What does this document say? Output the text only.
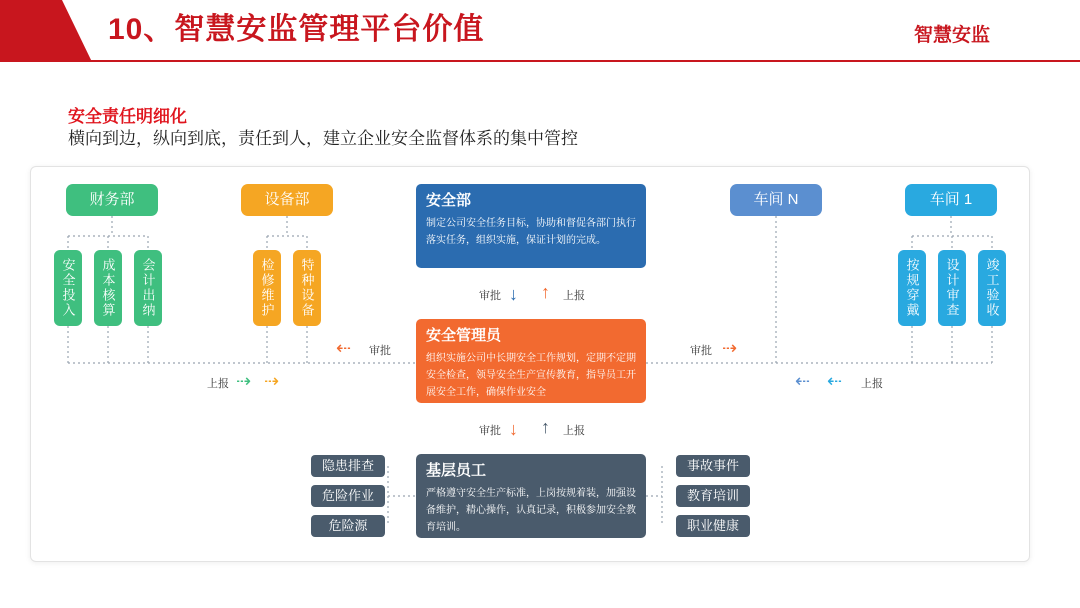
10、智慧安监管理平台价值	智慧安监
安全责任明细化
横向到边，纵向到底，责任到人，建立企业安全监督体系的集中管控
财务部	设备部	车间 N	车间 1
安全投入	成本核算	会计出纳	检修维护	特种设备	按规穿戴	设计审查	竣工验收
安全部
制定公司安全任务目标，协助和督促各部门执行落实任务，组织实施，保证计划的完成。
安全管理员
组织实施公司中长期安全工作规划，定期不定期安全检查，领导安全生产宣传教育，指导员工开展安全工作，确保作业安全
基层员工
严格遵守安全生产标准，上岗按规着装，加强设备维护，精心操作，认真记录，积极参加安全教育培训。
审批 ↓ ↑ 上报
审批 ↓ ↑ 上报
⇠ 审批	审批 ⇢
上报 ⇢ ⇢	⇠ ⇠ 上报
隐患排查
危险作业
危险源
事故事件
教育培训
职业健康
